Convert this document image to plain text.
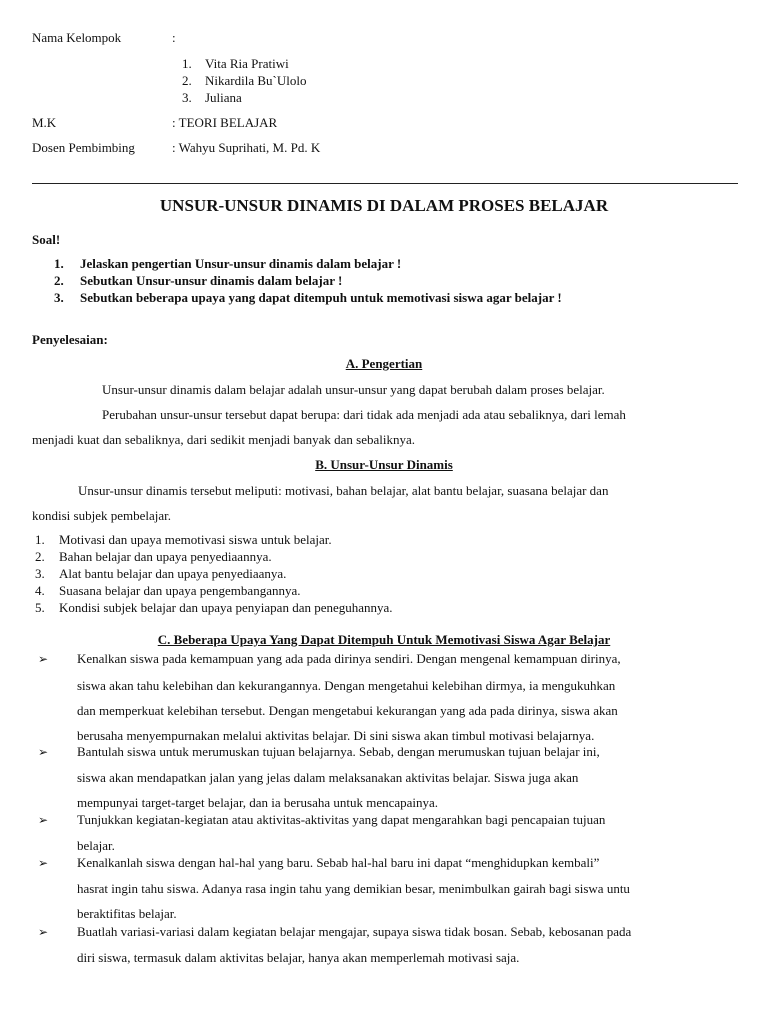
Nama Kelompok	:
1. Vita Ria Pratiwi
2. Nikardila Bu`Ulolo
3. Juliana
M.K	: TEORI BELAJAR
Dosen Pembimbing	: Wahyu Suprihati, M. Pd. K
UNSUR-UNSUR DINAMIS DI DALAM PROSES BELAJAR
Soal!
1. Jelaskan pengertian Unsur-unsur dinamis dalam belajar !
2. Sebutkan Unsur-unsur dinamis dalam belajar !
3. Sebutkan beberapa upaya yang dapat ditempuh untuk memotivasi siswa agar belajar !
Penyelesaian:
A. Pengertian
Unsur-unsur dinamis dalam belajar adalah unsur-unsur yang dapat berubah dalam proses belajar.
Perubahan unsur-unsur tersebut dapat berupa: dari tidak ada menjadi ada atau sebaliknya, dari lemah
menjadi kuat dan sebaliknya, dari sedikit menjadi banyak dan sebaliknya.
B. Unsur-Unsur Dinamis
Unsur-unsur dinamis tersebut meliputi: motivasi, bahan belajar, alat bantu belajar, suasana belajar dan
kondisi subjek pembelajar.
1. Motivasi dan upaya memotivasi siswa untuk belajar.
2. Bahan belajar dan upaya penyediaannya.
3. Alat bantu belajar dan upaya penyediaanya.
4. Suasana belajar dan upaya pengembangannya.
5. Kondisi subjek belajar dan upaya penyiapan dan peneguhannya.
C. Beberapa Upaya Yang Dapat Ditempuh Untuk Memotivasi Siswa Agar Belajar
➢ Kenalkan siswa pada kemampuan yang ada pada dirinya sendiri. Dengan mengenal kemampuan dirinya,
siswa akan tahu kelebihan dan kekurangannya. Dengan mengetahui kelebihan dirmya, ia mengukuhkan
dan memperkuat kelebihan tersebut. Dengan mengetabui kekurangan yang ada pada dirinya, siswa akan
berusaha menyempurnakan melalui aktivitas belajar. Di sini siswa akan timbul motivasi belajarnya.
➢ Bantulah siswa untuk merumuskan tujuan belajarnya. Sebab, dengan merumuskan tujuan belajar ini,
siswa akan mendapatkan jalan yang jelas dalam melaksanakan aktivitas belajar. Siswa juga akan
mempunyai target-target belajar, dan ia berusaha untuk mencapainya.
➢ Tunjukkan kegiatan-kegiatan atau aktivitas-aktivitas yang dapat mengarahkan bagi pencapaian tujuan
belajar.
➢ Kenalkanlah siswa dengan hal-hal yang baru. Sebab hal-hal baru ini dapat “menghidupkan kembali”
hasrat ingin tahu siswa. Adanya rasa ingin tahu yang demikian besar, menimbulkan gairah bagi siswa untu
beraktifitas belajar.
➢ Buatlah variasi-variasi dalam kegiatan belajar mengajar, supaya siswa tidak bosan. Sebab, kebosanan pada
diri siswa, termasuk dalam aktivitas belajar, hanya akan memperlemah motivasi saja.
